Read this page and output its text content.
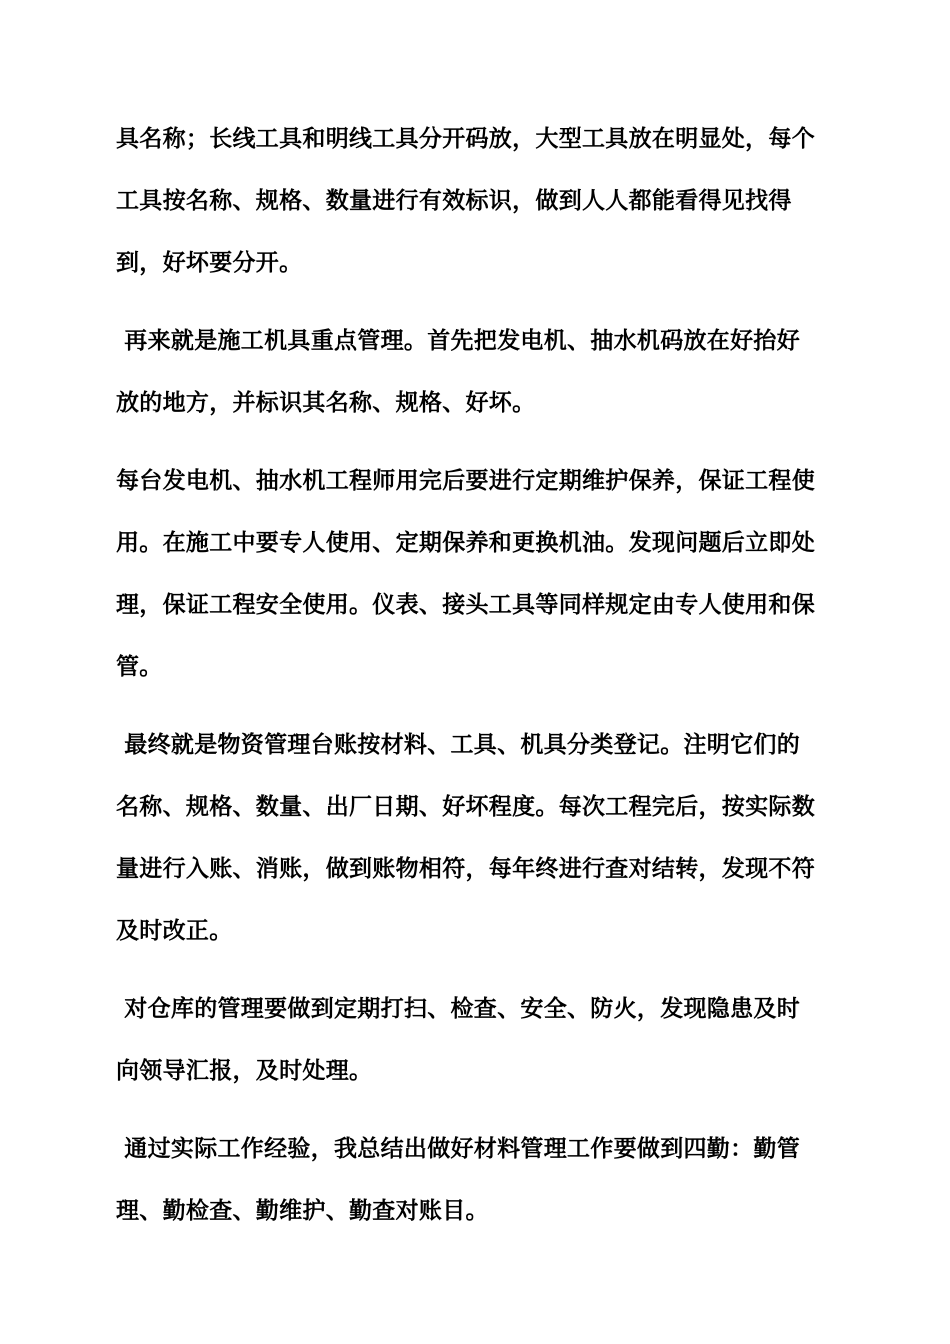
具名称；长线工具和明线工具分开码放，大型工具放在明显处，每个
工具按名称、规格、数量进行有效标识，做到人人都能看得见找得
到，好坏要分开。
再来就是施工机具重点管理。首先把发电机、抽水机码放在好抬好
放的地方，并标识其名称、规格、好坏。
每台发电机、抽水机工程师用完后要进行定期维护保养，保证工程使
用。在施工中要专人使用、定期保养和更换机油。发现问题后立即处
理，保证工程安全使用。仪表、接头工具等同样规定由专人使用和保
管。
最终就是物资管理台账按材料、工具、机具分类登记。注明它们的
名称、规格、数量、出厂日期、好坏程度。每次工程完后，按实际数
量进行入账、消账，做到账物相符，每年终进行查对结转，发现不符
及时改正。
对仓库的管理要做到定期打扫、检查、安全、防火，发现隐患及时
向领导汇报，及时处理。
通过实际工作经验，我总结出做好材料管理工作要做到四勤：勤管
理、勤检查、勤维护、勤查对账目。
